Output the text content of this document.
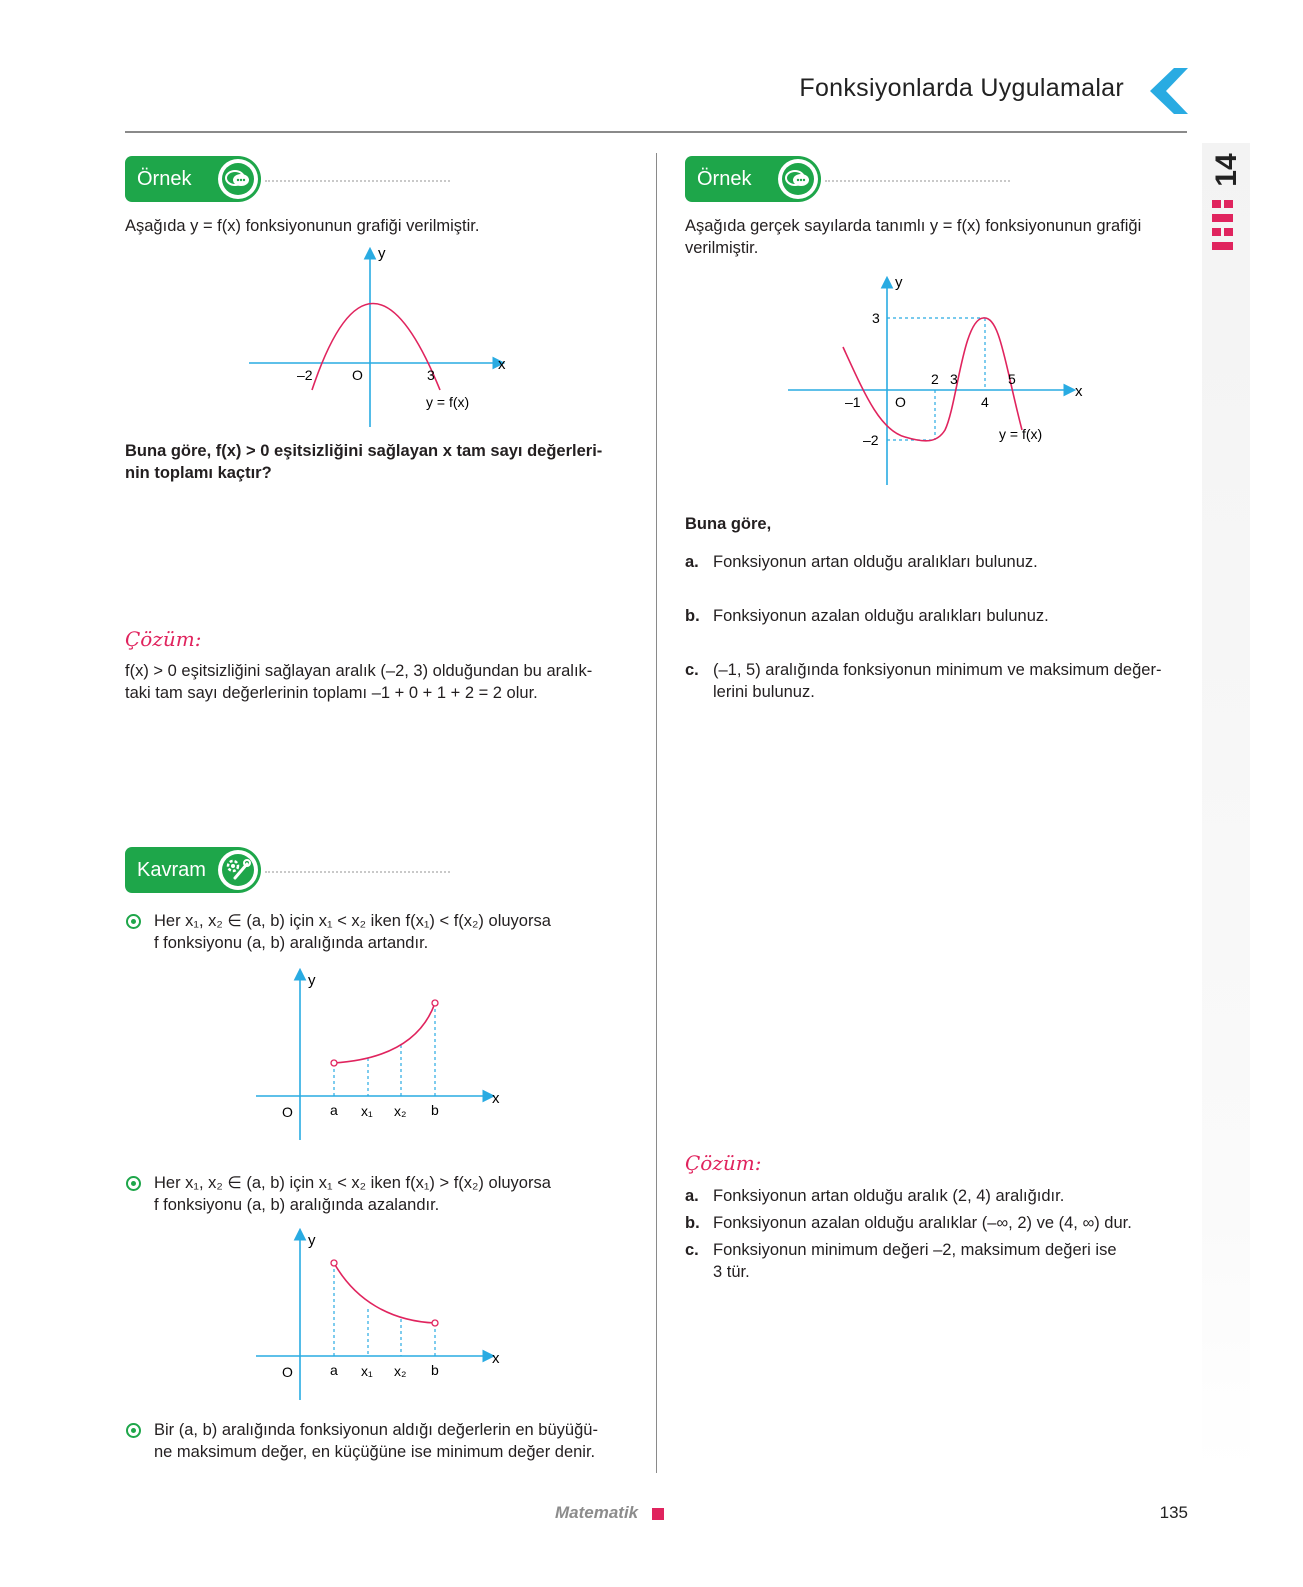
Fonksiyonlarda Uygulamalar
14
Örnek
Aşağıda y = f(x) fonksiyonunun grafiği verilmiştir.
y
x
–2	O	3
y = f(x)
Buna göre, f(x) > 0 eşitsizliğini sağlayan x tam sayı değerleri-
nin toplamı kaçtır?
Çözüm:
f(x) > 0 eşitsizliğini sağlayan aralık (–2, 3) olduğundan bu aralık-
taki tam sayı değerlerinin toplamı –1 + 0 + 1 + 2 = 2 olur.
Kavram
Her x₁, x₂ ∈ (a, b) için x₁ < x₂ iken f(x₁) < f(x₂) oluyorsa
f fonksiyonu (a, b) aralığında artandır.
y
x
O	a x₁ x₂ b
Her x₁, x₂ ∈ (a, b) için x₁ < x₂ iken f(x₁) > f(x₂) oluyorsa
f fonksiyonu (a, b) aralığında azalandır.
y
x
O	a x₁ x₂ b
Bir (a, b) aralığında fonksiyonun aldığı değerlerin en büyüğü-
ne maksimum değer, en küçüğüne ise minimum değer denir.
Örnek
Aşağıda gerçek sayılarda tanımlı y = f(x) fonksiyonunun grafiği
verilmiştir.
y
x
3
–2
–1 O
2 3
4
5
y = f(x)
Buna göre,
a. Fonksiyonun artan olduğu aralıkları bulunuz.
b. Fonksiyonun azalan olduğu aralıkları bulunuz.
c. (–1, 5) aralığında fonksiyonun minimum ve maksimum değer-
lerini bulunuz.
Çözüm:
a. Fonksiyonun artan olduğu aralık (2, 4) aralığıdır.
b. Fonksiyonun azalan olduğu aralıklar (–∞, 2) ve (4, ∞) dur.
c. Fonksiyonun minimum değeri –2, maksimum değeri ise
3 tür.
Matematik	135
